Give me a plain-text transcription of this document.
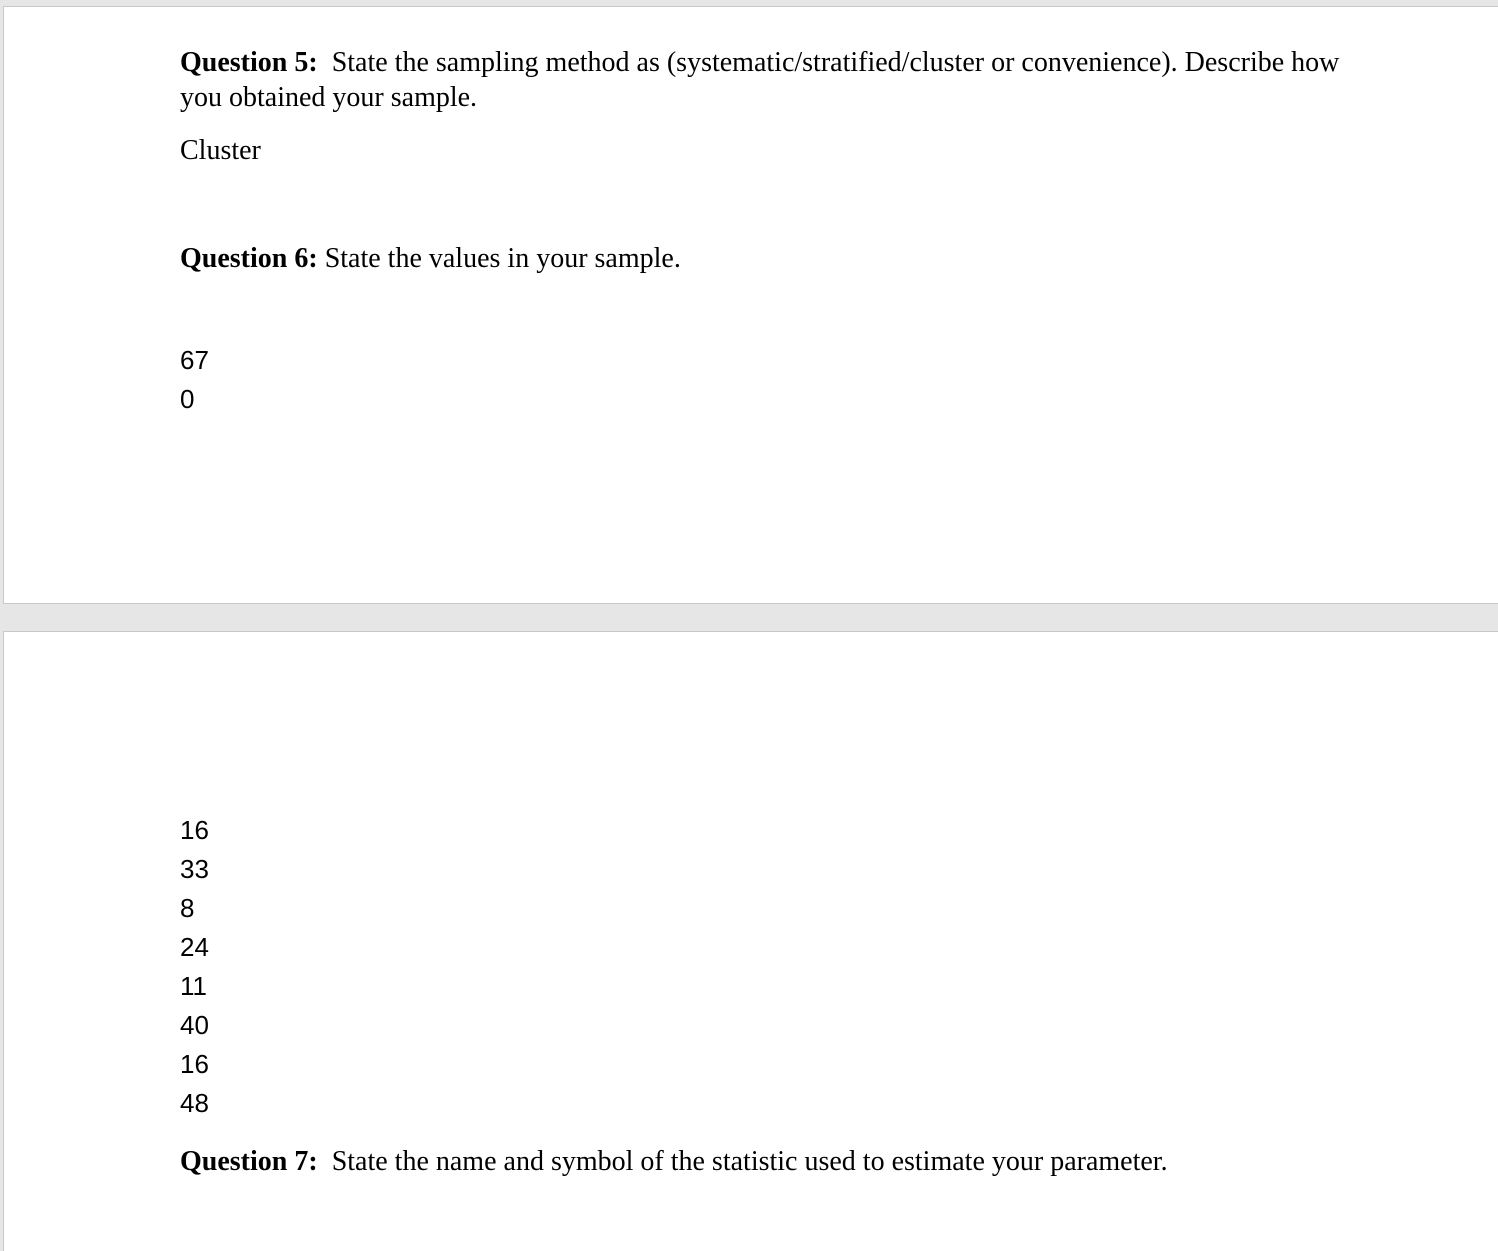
Question 5: State the sampling method as (systematic/stratified/cluster or convenience). Describe how you obtained your sample.

Cluster

Question 6: State the values in your sample.

67
0
16
33
8
24
11
40
16
48

Question 7: State the name and symbol of the statistic used to estimate your parameter.
